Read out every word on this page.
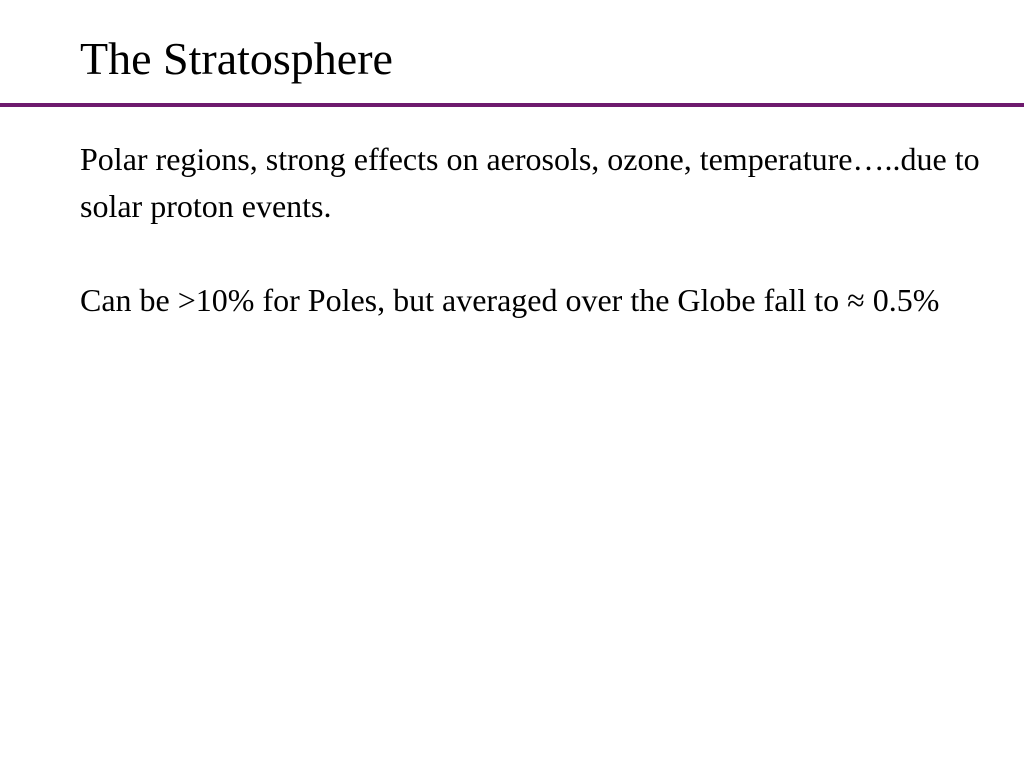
The Stratosphere

Polar regions, strong effects on aerosols, ozone, temperature…..due to solar proton events.

Can be >10% for Poles, but averaged over the Globe fall to ≈ 0.5%
